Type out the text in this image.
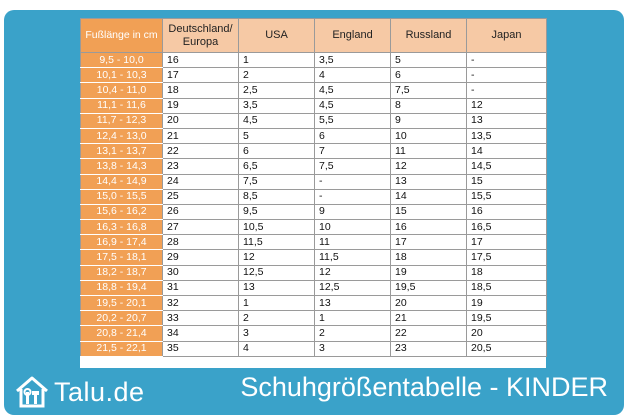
Fußlänge in cm	Deutschland/
Europa	USA	England	Russland	Japan
9,5 - 10,0	16	1	3,5	5	-
10,1 - 10,3	17	2	4	6	-
10,4 - 11,0	18	2,5	4,5	7,5	-
11,1 - 11,6	19	3,5	4,5	8	12
11,7 - 12,3	20	4,5	5,5	9	13
12,4 - 13,0	21	5	6	10	13,5
13,1 - 13,7	22	6	7	11	14
13,8 - 14,3	23	6,5	7,5	12	14,5
14,4 - 14,9	24	7,5	-	13	15
15,0 - 15,5	25	8,5	-	14	15,5
15,6 - 16,2	26	9,5	9	15	16
16,3 - 16,8	27	10,5	10	16	16,5
16,9 - 17,4	28	11,5	11	17	17
17,5 - 18,1	29	12	11,5	18	17,5
18,2 - 18,7	30	12,5	12	19	18
18,8 - 19,4	31	13	12,5	19,5	18,5
19,5 - 20,1	32	1	13	20	19
20,2 - 20,7	33	2	1	21	19,5
20,8 - 21,4	34	3	2	22	20
21,5 - 22,1	35	4	3	23	20,5
Talu.de	Schuhgrößentabelle - KINDER
